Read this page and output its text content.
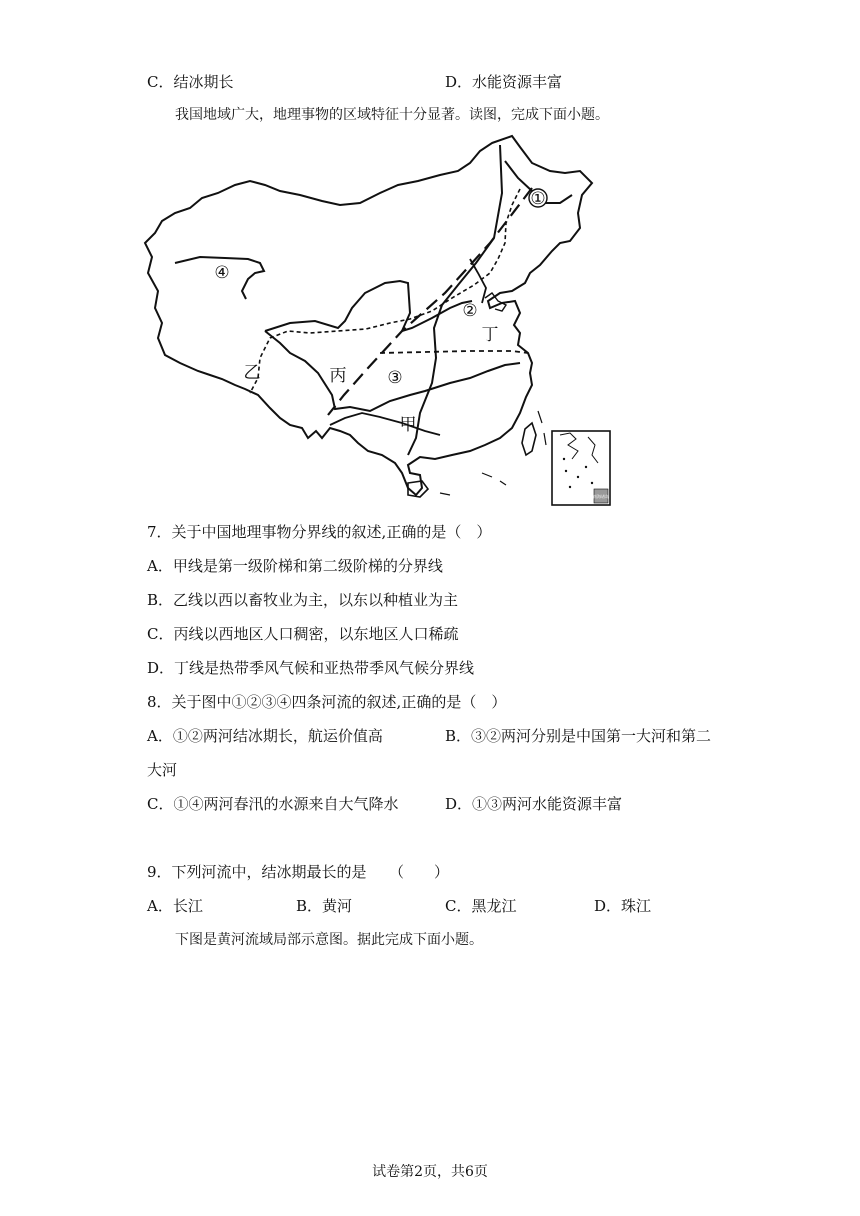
C．结冰期长	D．水能资源丰富
我国地域广大，地理事物的区域特征十分显著。读图，完成下面小题。
南海诸岛
①
②
③
④
乙	丙
甲
丁
7．关于中国地理事物分界线的叙述,正确的是（　）
A．甲线是第一级阶梯和第二级阶梯的分界线
B．乙线以西以畜牧业为主，以东以种植业为主
C．丙线以西地区人口稠密，以东地区人口稀疏
D．丁线是热带季风气候和亚热带季风气候分界线
8．关于图中①②③④四条河流的叙述,正确的是（　）
A．①②两河结冰期长，航运价值高	B．③②两河分别是中国第一大河和第二
大河
C．①④两河春汛的水源来自大气降水	D．①③两河水能资源丰富
9．下列河流中，结冰期最长的是　　（　　）
A．长江	B．黄河	C．黑龙江	D．珠江
下图是黄河流域局部示意图。据此完成下面小题。
试卷第2页，共6页
